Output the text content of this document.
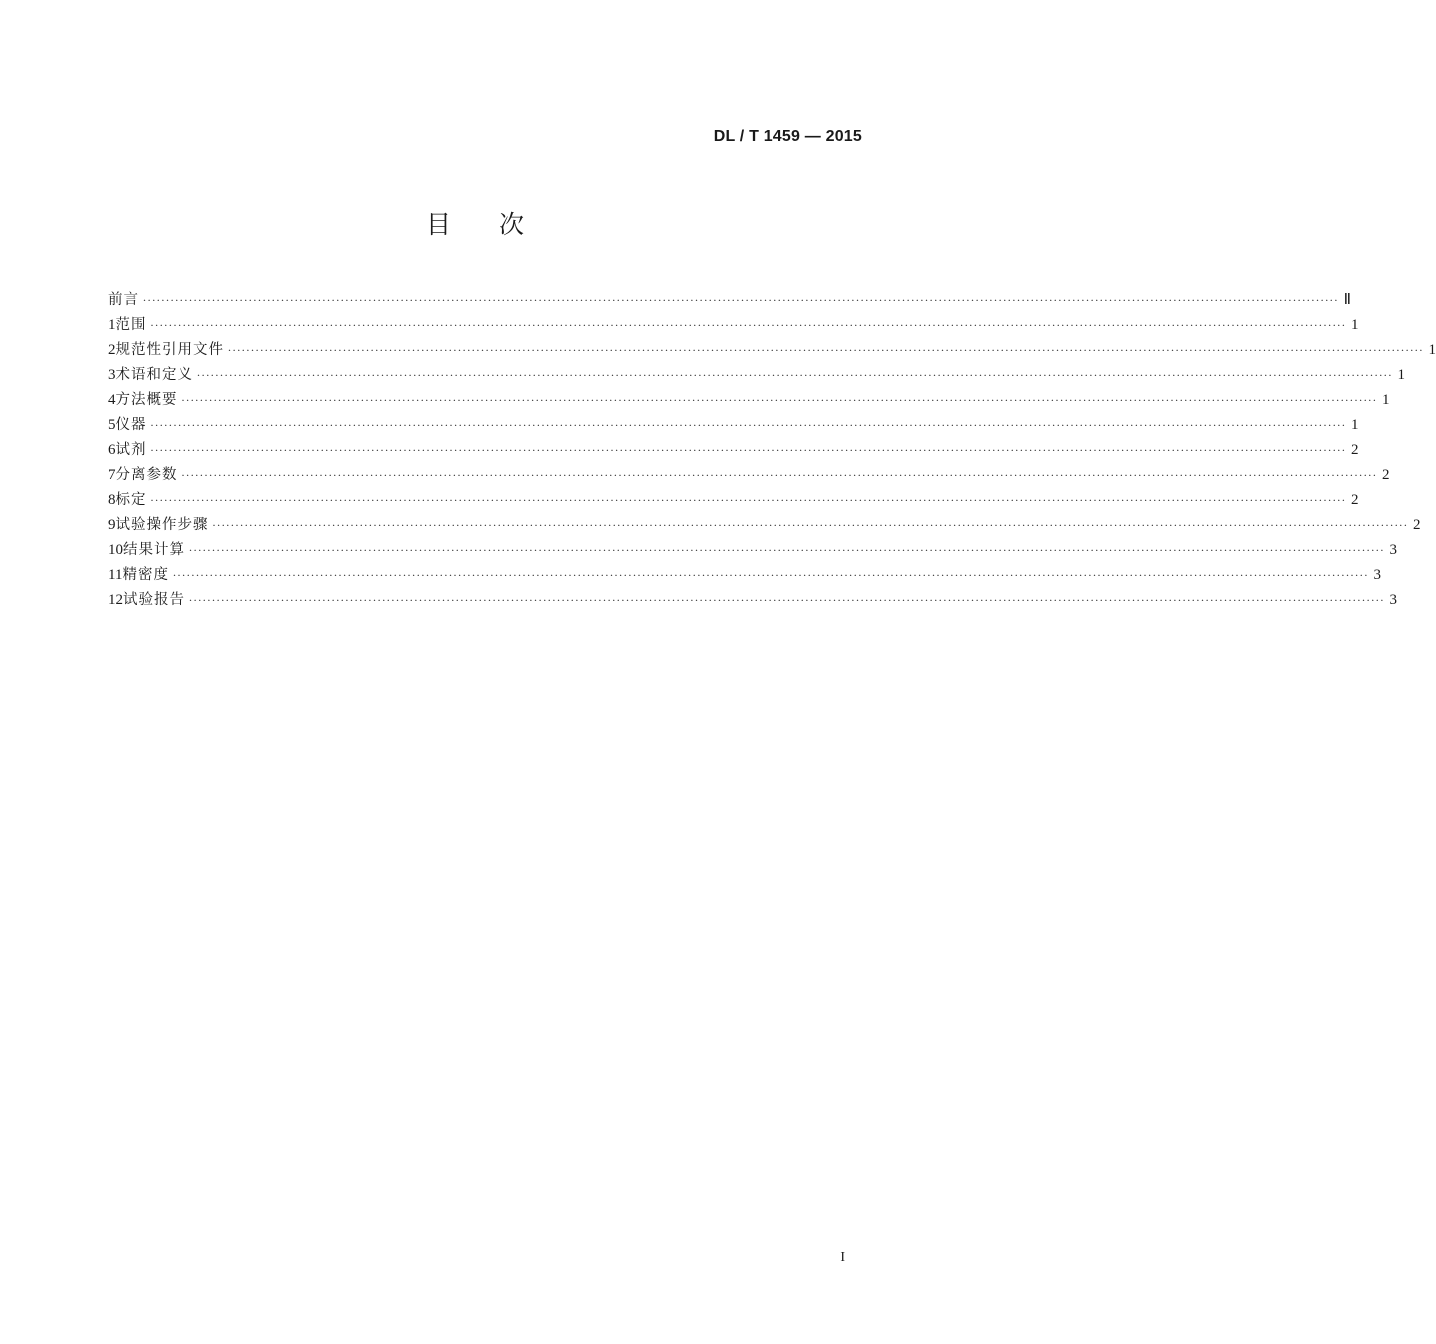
DL / T 1459 — 2015
目次
前言 .................................................................................................................................................................................................................................................................... Ⅱ
1 范围 .................................................................................................................................................................................................................................................................... 1
2 规范性引用文件 .................................................................................................................................................................................................................................................................... 1
3 术语和定义 .................................................................................................................................................................................................................................................................... 1
4 方法概要 .................................................................................................................................................................................................................................................................... 1
5 仪器 .................................................................................................................................................................................................................................................................... 1
6 试剂 .................................................................................................................................................................................................................................................................... 2
7 分离参数 .................................................................................................................................................................................................................................................................... 2
8 标定 .................................................................................................................................................................................................................................................................... 2
9 试验操作步骤 .................................................................................................................................................................................................................................................................... 2
10 结果计算 .................................................................................................................................................................................................................................................................... 3
11 精密度 .................................................................................................................................................................................................................................................................... 3
12 试验报告 .................................................................................................................................................................................................................................................................... 3
I
